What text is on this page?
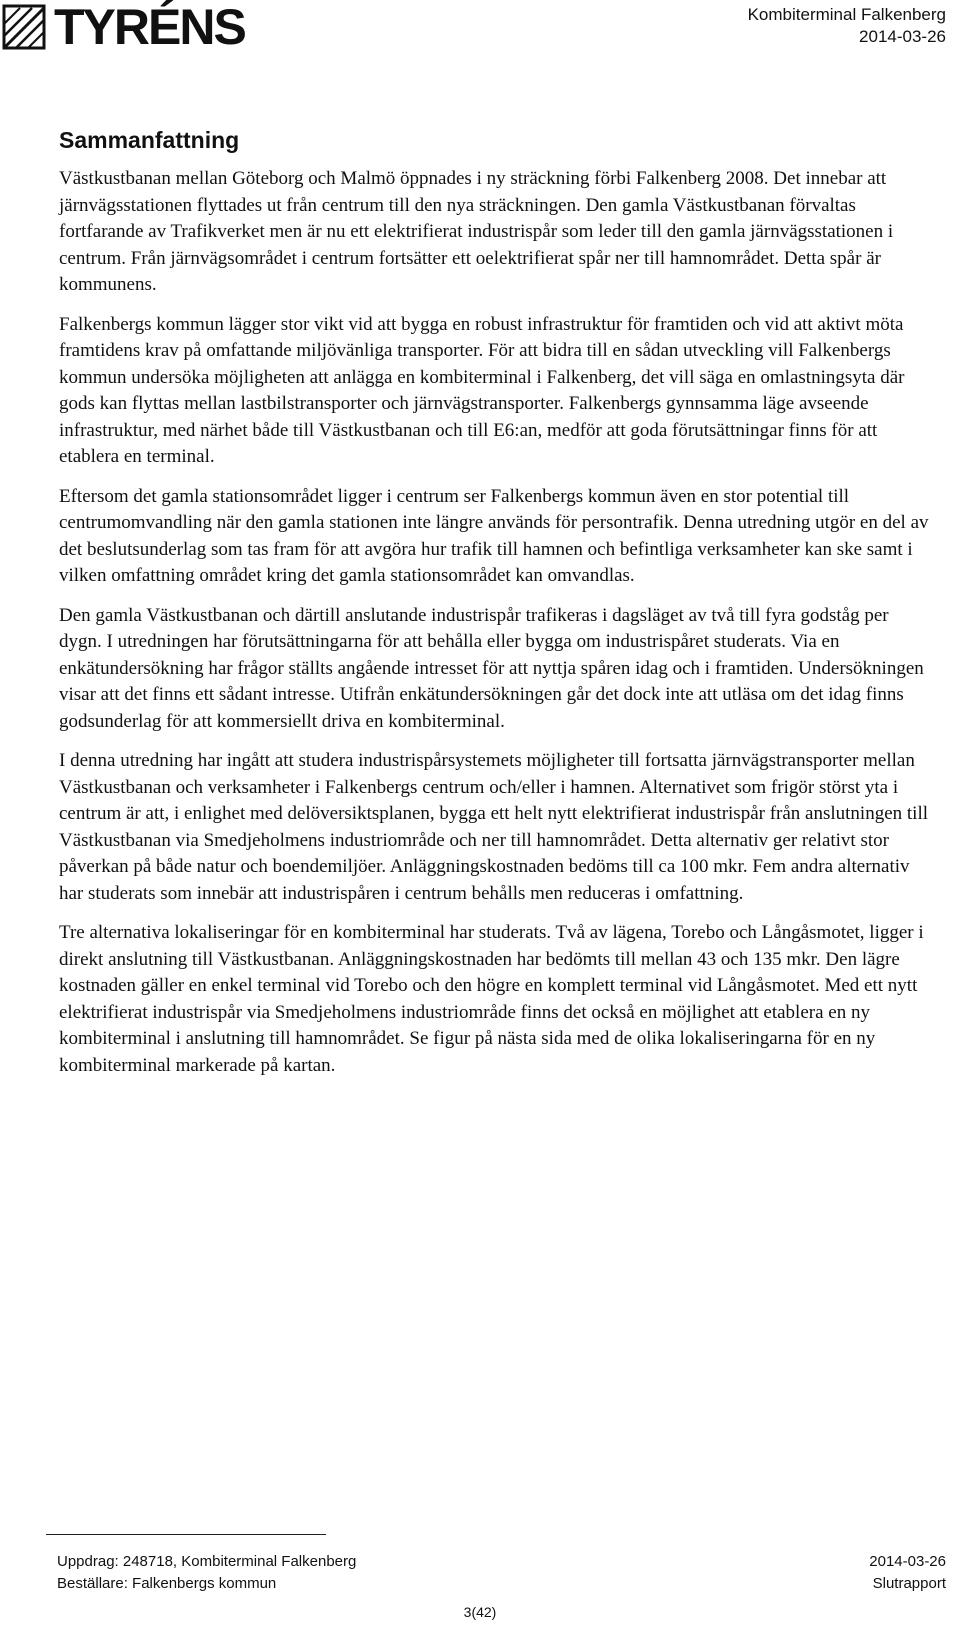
TYRÉNS	Kombiterminal Falkenberg
2014-03-26
Sammanfattning

Västkustbanan mellan Göteborg och Malmö öppnades i ny sträckning förbi Falkenberg 2008. Det innebar att järnvägsstationen flyttades ut från centrum till den nya sträckningen. Den gamla Västkustbanan förvaltas fortfarande av Trafikverket men är nu ett elektrifierat industrispår som leder till den gamla järnvägsstationen i centrum. Från järnvägsområdet i centrum fortsätter ett oelektrifierat spår ner till hamnområdet. Detta spår är kommunens.

Falkenbergs kommun lägger stor vikt vid att bygga en robust infrastruktur för framtiden och vid att aktivt möta framtidens krav på omfattande miljövänliga transporter. För att bidra till en sådan utveckling vill Falkenbergs kommun undersöka möjligheten att anlägga en kombiterminal i Falkenberg, det vill säga en omlastningsyta där gods kan flyttas mellan lastbilstransporter och järnvägstransporter. Falkenbergs gynnsamma läge avseende infrastruktur, med närhet både till Västkustbanan och till E6:an, medför att goda förutsättningar finns för att etablera en terminal.

Eftersom det gamla stationsområdet ligger i centrum ser Falkenbergs kommun även en stor potential till centrumomvandling när den gamla stationen inte längre används för persontrafik. Denna utredning utgör en del av det beslutsunderlag som tas fram för att avgöra hur trafik till hamnen och befintliga verksamheter kan ske samt i vilken omfattning området kring det gamla stationsområdet kan omvandlas.

Den gamla Västkustbanan och därtill anslutande industrispår trafikeras i dagsläget av två till fyra godståg per dygn. I utredningen har förutsättningarna för att behålla eller bygga om industrispåret studerats. Via en enkätundersökning har frågor ställts angående intresset för att nyttja spåren idag och i framtiden. Undersökningen visar att det finns ett sådant intresse. Utifrån enkätundersökningen går det dock inte att utläsa om det idag finns godsunderlag för att kommersiellt driva en kombiterminal.

I denna utredning har ingått att studera industrispårsystemets möjligheter till fortsatta järnvägstransporter mellan Västkustbanan och verksamheter i Falkenbergs centrum och/eller i hamnen. Alternativet som frigör störst yta i centrum är att, i enlighet med delöversiktsplanen, bygga ett helt nytt elektrifierat industrispår från anslutningen till Västkustbanan via Smedjeholmens industriområde och ner till hamnområdet. Detta alternativ ger relativt stor påverkan på både natur och boendemiljöer. Anläggningskostnaden bedöms till ca 100 mkr. Fem andra alternativ har studerats som innebär att industrispåren i centrum behålls men reduceras i omfattning.

Tre alternativa lokaliseringar för en kombiterminal har studerats. Två av lägena, Torebo och Långåsmotet, ligger i direkt anslutning till Västkustbanan. Anläggningskostnaden har bedömts till mellan 43 och 135 mkr. Den lägre kostnaden gäller en enkel terminal vid Torebo och den högre en komplett terminal vid Långåsmotet. Med ett nytt elektrifierat industrispår via Smedjeholmens industriområde finns det också en möjlighet att etablera en ny kombiterminal i anslutning till hamnområdet. Se figur på nästa sida med de olika lokaliseringarna för en ny kombiterminal markerade på kartan.

Uppdrag: 248718, Kombiterminal Falkenberg	2014-03-26
Beställare: Falkenbergs kommun	Slutrapport
3(42)
